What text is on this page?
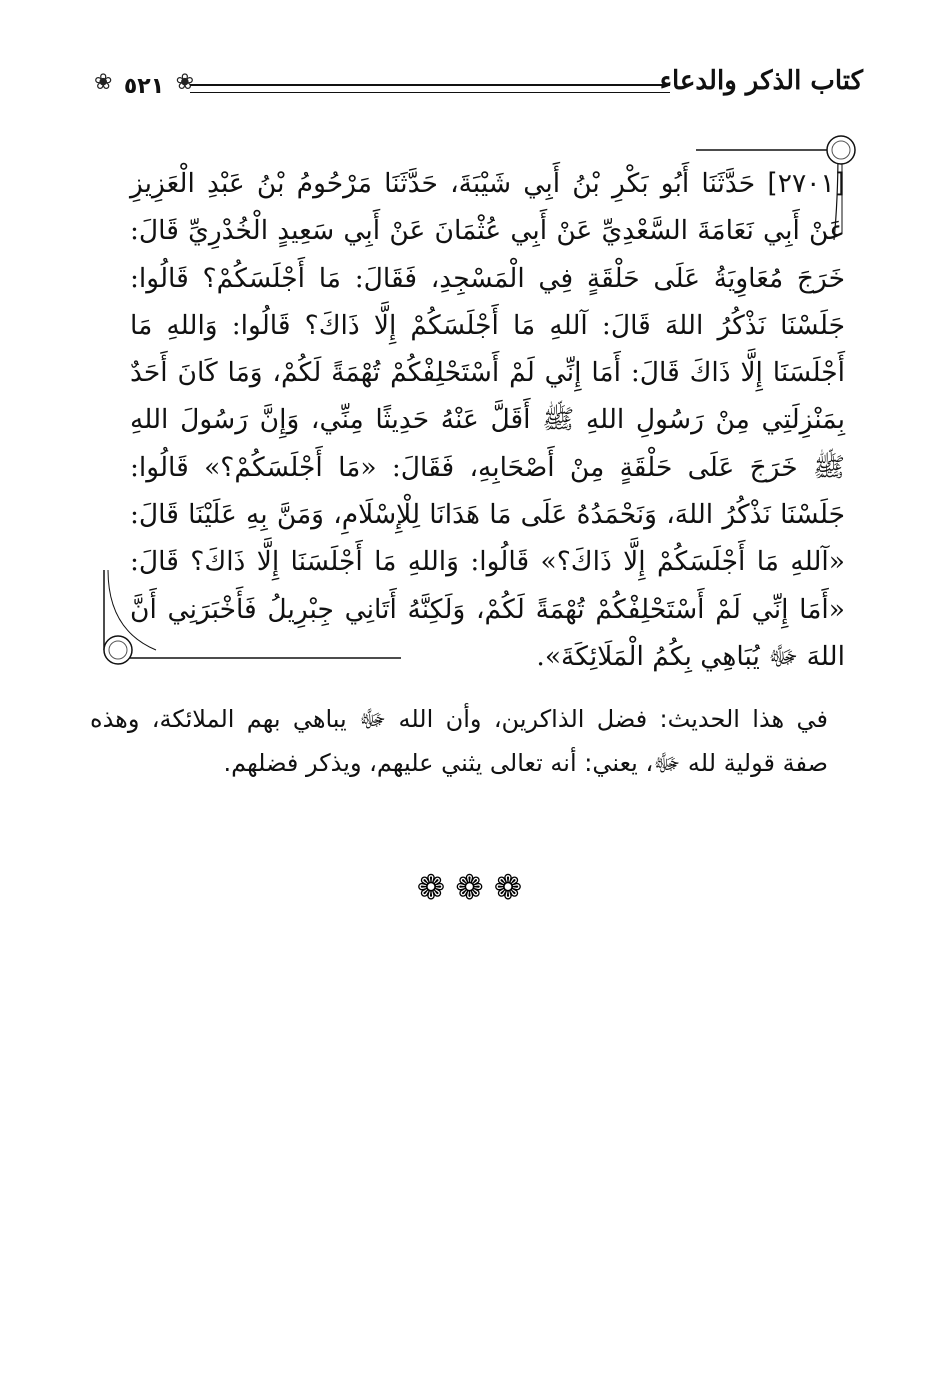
❀ ٥٢١ ❀	كتاب الذكر والدعاء
[٢٧٠١] حَدَّثَنَا أَبُو بَكْرِ بْنُ أَبِي شَيْبَةَ، حَدَّثَنَا مَرْحُومُ بْنُ عَبْدِ الْعَزِيزِ عَنْ أَبِي نَعَامَةَ السَّعْدِيِّ عَنْ أَبِي عُثْمَانَ عَنْ أَبِي سَعِيدٍ الْخُدْرِيِّ قَالَ: خَرَجَ مُعَاوِيَةُ عَلَى حَلْقَةٍ فِي الْمَسْجِدِ، فَقَالَ: مَا أَجْلَسَكُمْ؟ قَالُوا: جَلَسْنَا نَذْكُرُ اللهَ قَالَ: آللهِ مَا أَجْلَسَكُمْ إِلَّا ذَاكَ؟ قَالُوا: وَاللهِ مَا أَجْلَسَنَا إِلَّا ذَاكَ قَالَ: أَمَا إِنِّي لَمْ أَسْتَحْلِفْكُمْ تُهْمَةً لَكُمْ، وَمَا كَانَ أَحَدٌ بِمَنْزِلَتِي مِنْ رَسُولِ اللهِ ﷺ أَقَلَّ عَنْهُ حَدِيثًا مِنِّي، وَإِنَّ رَسُولَ اللهِ ﷺ خَرَجَ عَلَى حَلْقَةٍ مِنْ أَصْحَابِهِ، فَقَالَ: «مَا أَجْلَسَكُمْ؟» قَالُوا: جَلَسْنَا نَذْكُرُ اللهَ، وَنَحْمَدُهُ عَلَى مَا هَدَانَا لِلْإِسْلَامِ، وَمَنَّ بِهِ عَلَيْنَا قَالَ: «آللهِ مَا أَجْلَسَكُمْ إِلَّا ذَاكَ؟» قَالُوا: وَاللهِ مَا أَجْلَسَنَا إِلَّا ذَاكَ؟ قَالَ: «أَمَا إِنِّي لَمْ أَسْتَحْلِفْكُمْ تُهْمَةً لَكُمْ، وَلَكِنَّهُ أَتَانِي جِبْرِيلُ فَأَخْبَرَنِي أَنَّ اللهَ ﷻ يُبَاهِي بِكُمُ الْمَلَائِكَةَ».
في هذا الحديث: فضل الذاكرين، وأن الله ﷻ يباهي بهم الملائكة، وهذه صفة قولية لله ﷻ، يعني: أنه تعالى يثني عليهم، ويذكر فضلهم.
❁❁❁
